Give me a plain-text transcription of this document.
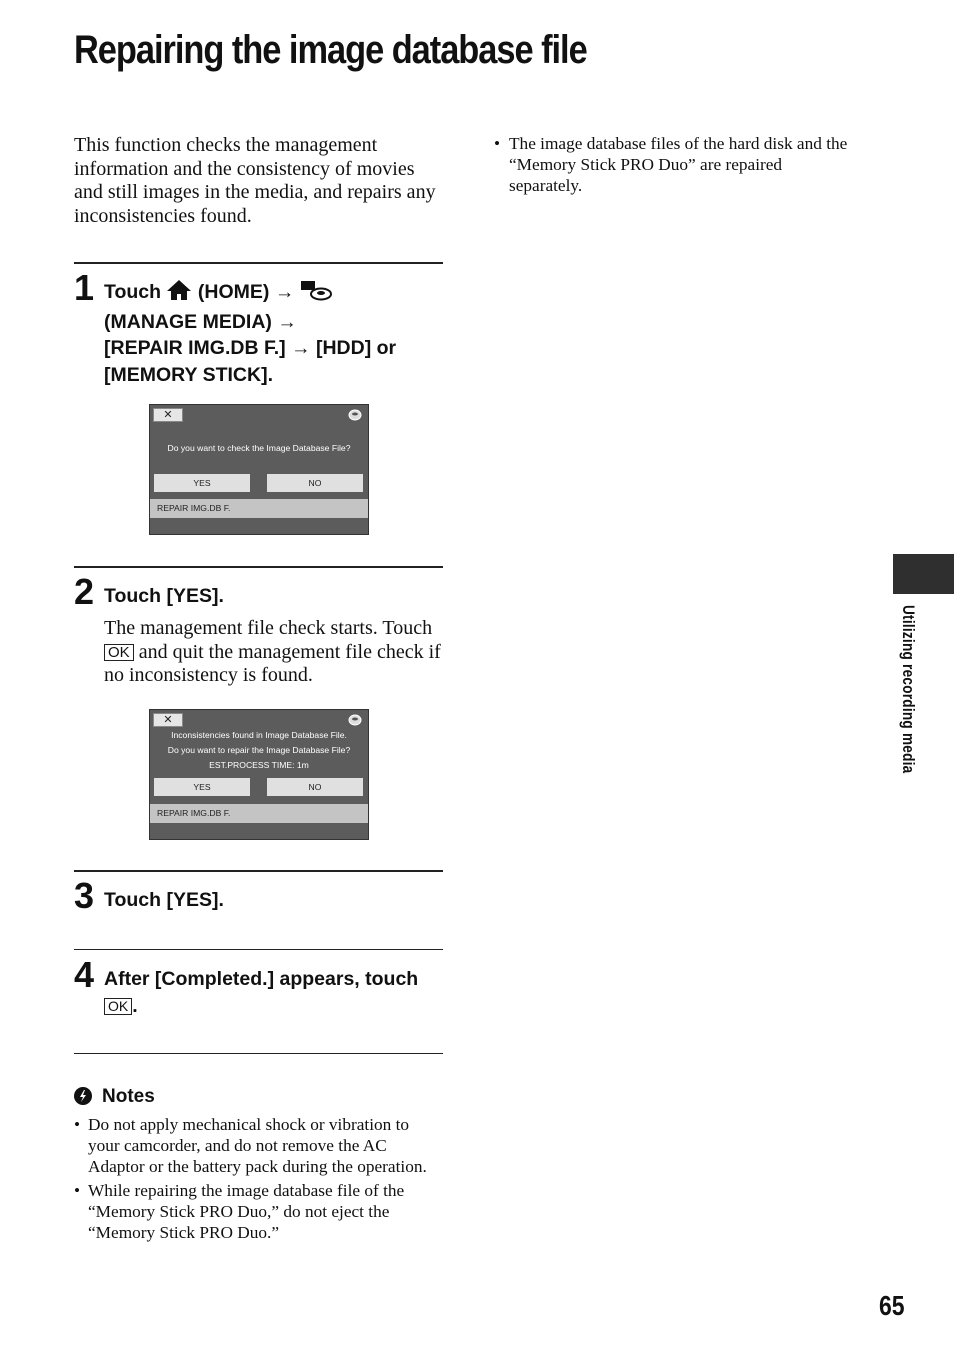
Repairing the image database file
This function checks the management information and the consistency of movies and still images in the media, and repairs any inconsistencies found.
• The image database files of the hard disk and the “Memory Stick PRO Duo” are repaired separately.
1 Touch (HOME) →
(MANAGE MEDIA) →
[REPAIR IMG.DB F.] → [HDD] or [MEMORY STICK].
✕
Do you want to check the Image Database File?
YES	NO
REPAIR IMG.DB F.
2 Touch [YES].
The management file check starts. Touch OK and quit the management file check if no inconsistency is found.
✕
Inconsistencies found in Image Database File.
Do you want to repair the Image Database File?
EST.PROCESS TIME: 1m
YES	NO
REPAIR IMG.DB F.
3 Touch [YES].
4 After [Completed.] appears, touch
OK .
Notes
• Do not apply mechanical shock or vibration to your camcorder, and do not remove the AC Adaptor or the battery pack during the operation.
• While repairing the image database file of the “Memory Stick PRO Duo,” do not eject the “Memory Stick PRO Duo.”
Utilizing recording media
65
